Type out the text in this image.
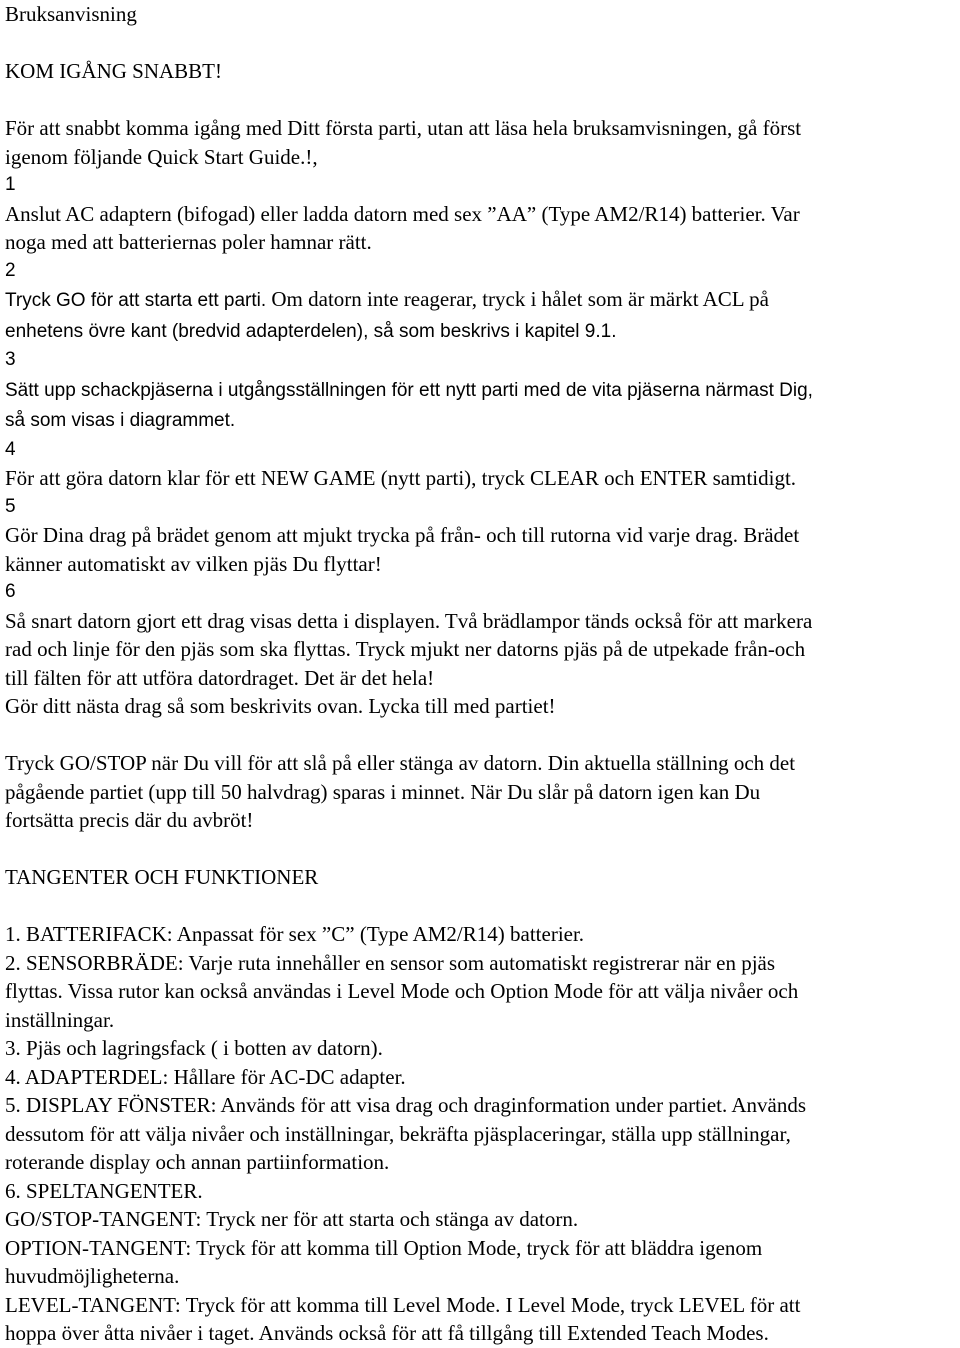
Bruksanvisning
KOM IGÅNG SNABBT!
För att snabbt komma igång med Ditt första parti, utan att läsa hela bruksamvisningen, gå först
igenom följande Quick Start Guide.!,
1
Anslut AC adaptern (bifogad) eller ladda datorn med sex ”AA” (Type AM2/R14) batterier. Var
noga med att batteriernas poler hamnar rätt.
2
Tryck GO för att starta ett parti. Om datorn inte reagerar, tryck i hålet som är märkt ACL på
enhetens övre kant (bredvid adapterdelen), så som beskrivs i kapitel 9.1.
3
Sätt upp schackpjäserna i utgångsställningen för ett nytt parti med de vita pjäserna närmast Dig,
så som visas i diagrammet.
4
För att göra datorn klar för ett NEW GAME (nytt parti), tryck CLEAR och ENTER samtidigt.
5
Gör Dina drag på brädet genom att mjukt trycka på från- och till rutorna vid varje drag. Brädet
känner automatiskt av vilken pjäs Du flyttar!
6
Så snart datorn gjort ett drag visas detta i displayen. Två brädlampor tänds också för att markera
rad och linje för den pjäs som ska flyttas. Tryck mjukt ner datorns pjäs på de utpekade från-och
till fälten för att utföra datordraget. Det är det hela!
Gör ditt nästa drag så som beskrivits ovan. Lycka till med partiet!
Tryck GO/STOP när Du vill för att slå på eller stänga av datorn. Din aktuella ställning och det
pågående partiet (upp till 50 halvdrag) sparas i minnet. När Du slår på datorn igen kan Du
fortsätta precis där du avbröt!
TANGENTER OCH FUNKTIONER
1. BATTERIFACK: Anpassat för sex ”C” (Type AM2/R14) batterier.
2. SENSORBRÄDE: Varje ruta innehåller en sensor som automatiskt registrerar när en pjäs
flyttas. Vissa rutor kan också användas i Level Mode och Option Mode för att välja nivåer och
inställningar.
3. Pjäs och lagringsfack ( i botten av datorn).
4. ADAPTERDEL: Hållare för AC-DC adapter.
5. DISPLAY FÖNSTER: Används för att visa drag och draginformation under partiet. Används
dessutom för att välja nivåer och inställningar, bekräfta pjäsplaceringar, ställa upp ställningar,
roterande display och annan partiinformation.
6. SPELTANGENTER.
GO/STOP-TANGENT: Tryck ner för att starta och stänga av datorn.
OPTION-TANGENT: Tryck för att komma till Option Mode, tryck för att bläddra igenom
huvudmöjligheterna.
LEVEL-TANGENT: Tryck för att komma till Level Mode. I Level Mode, tryck LEVEL för att
hoppa över åtta nivåer i taget. Används också för att få tillgång till Extended Teach Modes.
